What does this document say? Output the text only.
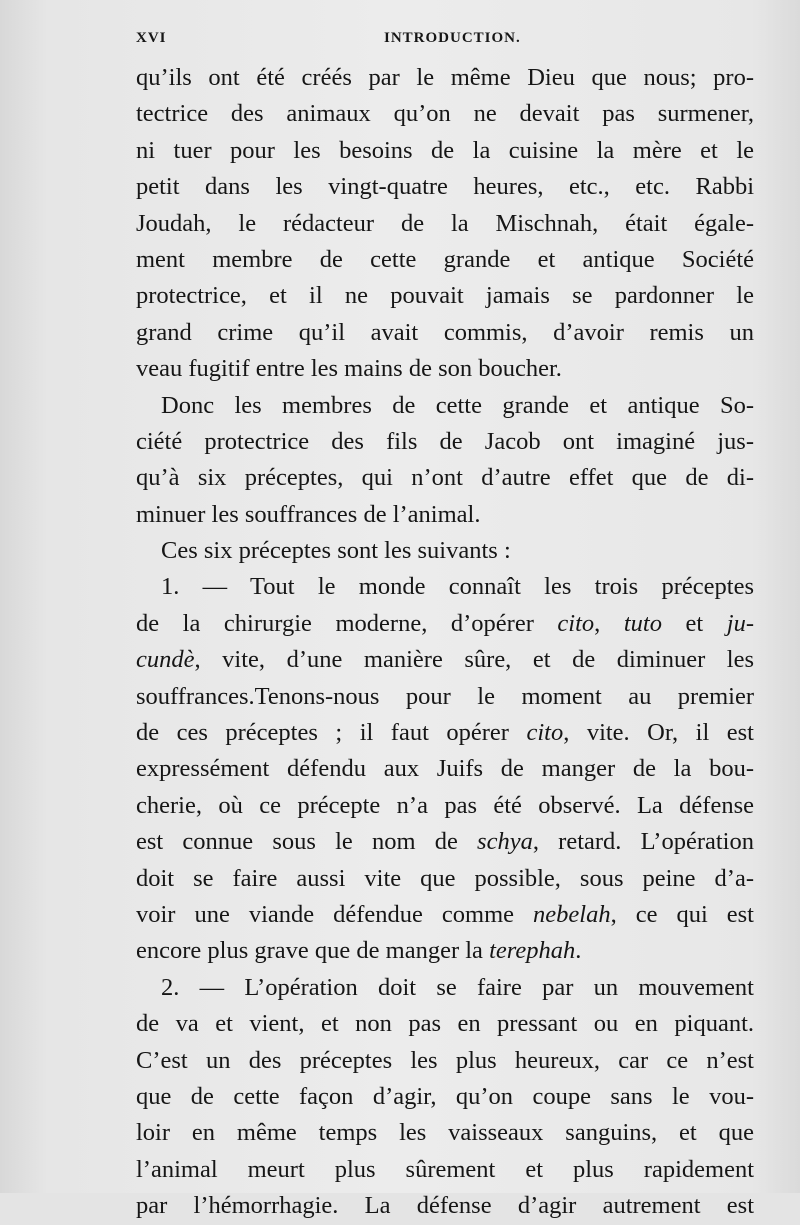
XVI	INTRODUCTION.
qu’ils ont été créés par le même Dieu que nous; pro-
tectrice des animaux qu’on ne devait pas surmener,
ni tuer pour les besoins de la cuisine la mère et le
petit dans les vingt-quatre heures, etc., etc. Rabbi
Joudah, le rédacteur de la Mischnah, était égale-
ment membre de cette grande et antique Société
protectrice, et il ne pouvait jamais se pardonner le
grand crime qu’il avait commis, d’avoir remis un
veau fugitif entre les mains de son boucher.
Donc les membres de cette grande et antique So-
ciété protectrice des fils de Jacob ont imaginé jus-
qu’à six préceptes, qui n’ont d’autre effet que de di-
minuer les souffrances de l’animal.
Ces six préceptes sont les suivants :
1. — Tout le monde connaît les trois préceptes
de la chirurgie moderne, d’opérer cito, tuto et ju-
cundè, vite, d’une manière sûre, et de diminuer les
souffrances.Tenons-nous pour le moment au premier
de ces préceptes ; il faut opérer cito, vite. Or, il est
expressément défendu aux Juifs de manger de la bou-
cherie, où ce précepte n’a pas été observé. La défense
est connue sous le nom de schya, retard. L’opération
doit se faire aussi vite que possible, sous peine d’a-
voir une viande défendue comme nebelah, ce qui est
encore plus grave que de manger la terephah.
2. — L’opération doit se faire par un mouvement
de va et vient, et non pas en pressant ou en piquant.
C’est un des préceptes les plus heureux, car ce n’est
que de cette façon d’agir, qu’on coupe sans le vou-
loir en même temps les vaisseaux sanguins, et que
l’animal meurt plus sûrement et plus rapidement
par l’hémorrhagie. La défense d’agir autrement est
